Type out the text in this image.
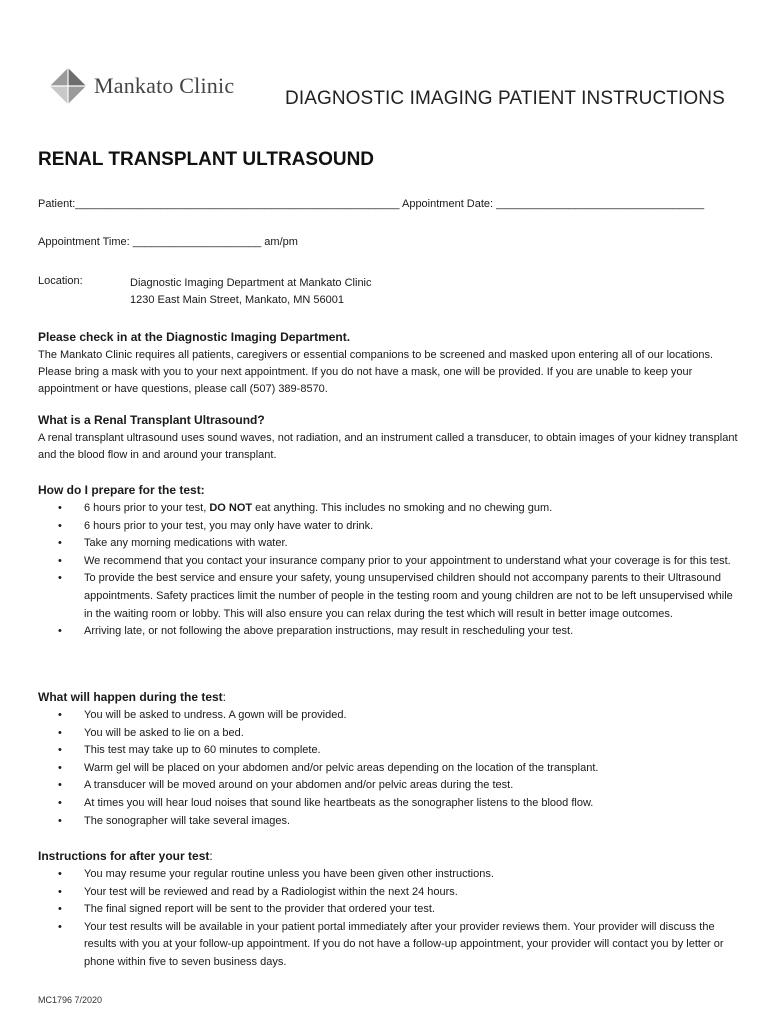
Mankato Clinic
DIAGNOSTIC IMAGING PATIENT INSTRUCTIONS
RENAL TRANSPLANT ULTRASOUND
Patient:_____________________________________________________ Appointment Date: __________________________________
Appointment Time: _____________________ am/pm
Location:	Diagnostic Imaging Department at Mankato Clinic
1230 East Main Street, Mankato, MN 56001
Please check in at the Diagnostic Imaging Department.

The Mankato Clinic requires all patients, caregivers or essential companions to be screened and masked upon entering all of our locations. Please bring a mask with you to your next appointment. If you do not have a mask, one will be provided. If you are unable to keep your appointment or have questions, please call (507) 389-8570.

What is a Renal Transplant Ultrasound?

A renal transplant ultrasound uses sound waves, not radiation, and an instrument called a transducer, to obtain images of your kidney transplant and the blood flow in and around your transplant.

How do I prepare for the test:
• 6 hours prior to your test, DO NOT eat anything. This includes no smoking and no chewing gum.
• 6 hours prior to your test, you may only have water to drink.
• Take any morning medications with water.
• We recommend that you contact your insurance company prior to your appointment to understand what your coverage is for this test.
• To provide the best service and ensure your safety, young unsupervised children should not accompany parents to their Ultrasound appointments. Safety practices limit the number of people in the testing room and young children are not to be left unsupervised while in the waiting room or lobby. This will also ensure you can relax during the test which will result in better image outcomes.
• Arriving late, or not following the above preparation instructions, may result in rescheduling your test.
What will happen during the test:
• You will be asked to undress. A gown will be provided.
• You will be asked to lie on a bed.
• This test may take up to 60 minutes to complete.
• Warm gel will be placed on your abdomen and/or pelvic areas depending on the location of the transplant.
• A transducer will be moved around on your abdomen and/or pelvic areas during the test.
• At times you will hear loud noises that sound like heartbeats as the sonographer listens to the blood flow.
• The sonographer will take several images.
Instructions for after your test:
• You may resume your regular routine unless you have been given other instructions.
• Your test will be reviewed and read by a Radiologist within the next 24 hours.
• The final signed report will be sent to the provider that ordered your test.
• Your test results will be available in your patient portal immediately after your provider reviews them. Your provider will discuss the results with you at your follow-up appointment. If you do not have a follow-up appointment, your provider will contact you by letter or phone within five to seven business days.
MC1796 7/2020
